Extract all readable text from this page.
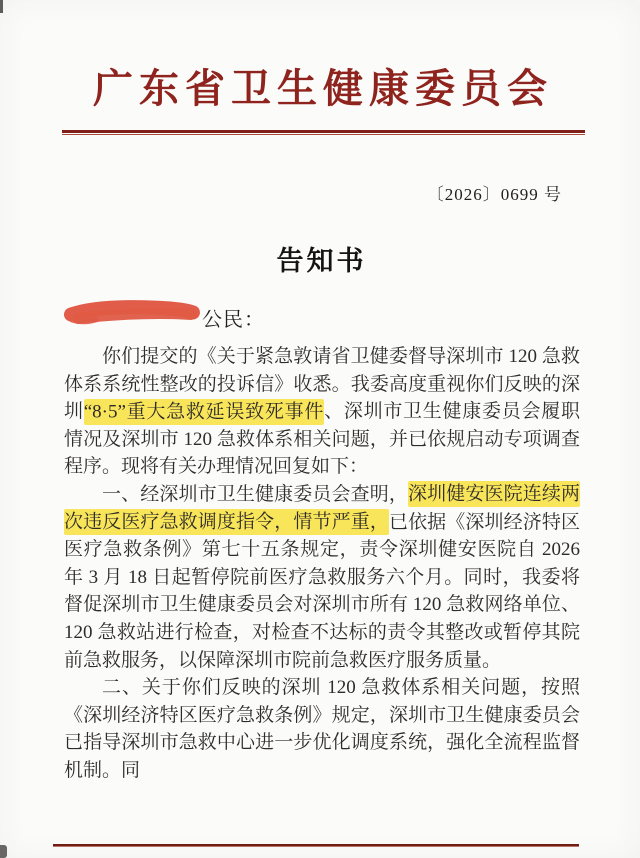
广东省卫生健康委员会
〔2026〕0699 号
告知书
公民：

你们提交的《关于紧急敦请省卫健委督导深圳市 120 急救体系系统性整改的投诉信》收悉。我委高度重视你们反映的深圳“8·5”重大急救延误致死事件、深圳市卫生健康委员会履职情况及深圳市 120 急救体系相关问题，并已依规启动专项调查程序。现将有关办理情况回复如下：

一、经深圳市卫生健康委员会查明，深圳健安医院连续两次违反医疗急救调度指令，情节严重，已依据《深圳经济特区医疗急救条例》第七十五条规定，责令深圳健安医院自 2026 年 3 月 18 日起暂停院前医疗急救服务六个月。同时，我委将督促深圳市卫生健康委员会对深圳市所有 120 急救网络单位、120 急救站进行检查，对检查不达标的责令其整改或暂停其院前急救服务，以保障深圳市院前急救医疗服务质量。

二、关于你们反映的深圳 120 急救体系相关问题，按照《深圳经济特区医疗急救条例》规定，深圳市卫生健康委员会已指导深圳市急救中心进一步优化调度系统，强化全流程监督机制。同
